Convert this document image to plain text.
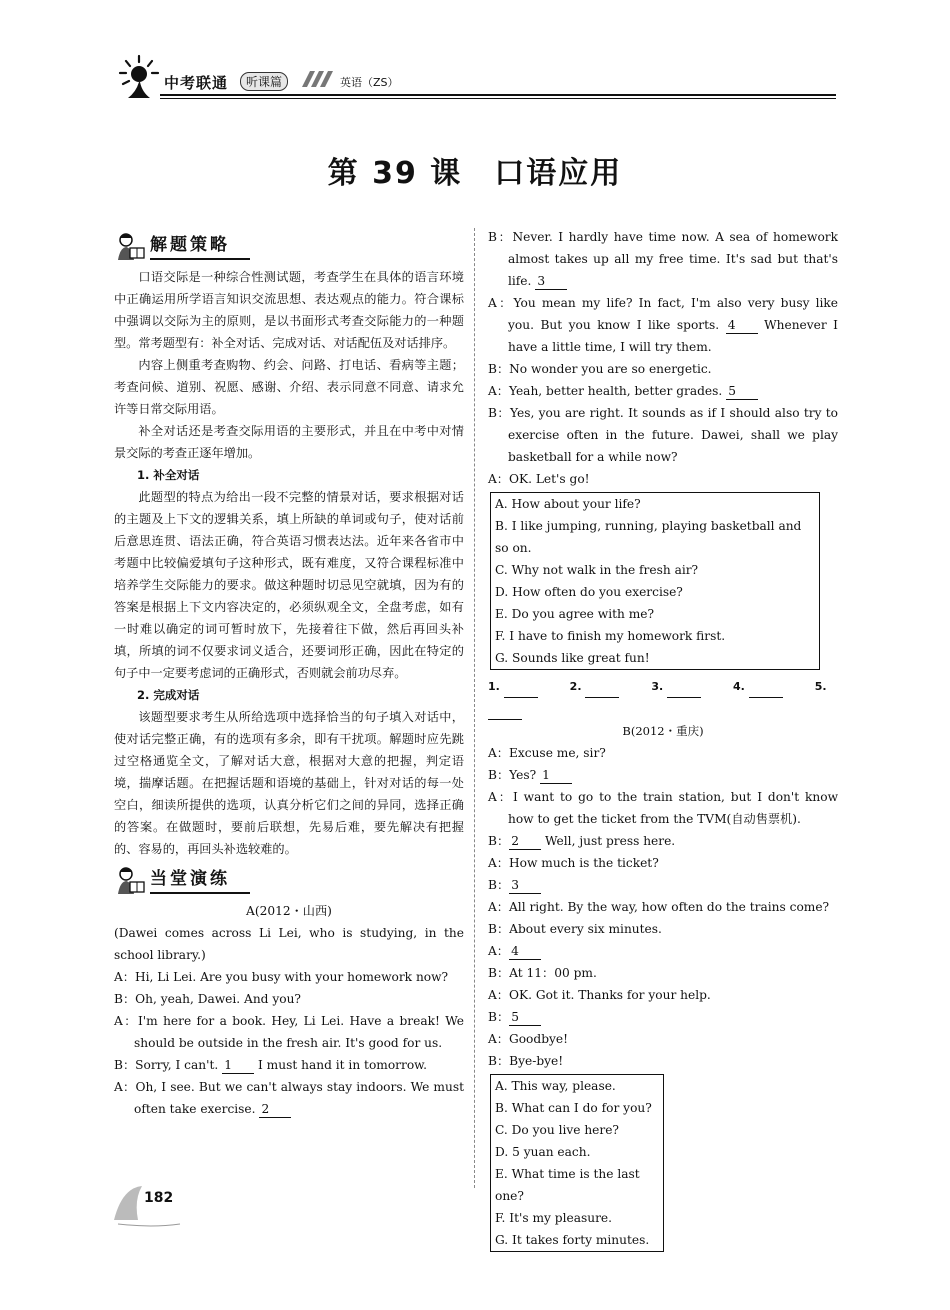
中考联通	听课篇	英语（ZS）
第 39 课　口语应用
解题策略

口语交际是一种综合性测试题，考查学生在具体的语言环境中正确运用所学语言知识交流思想、表达观点的能力。符合课标中强调以交际为主的原则，是以书面形式考查交际能力的一种题型。常考题型有：补全对话、完成对话、对话配伍及对话排序。

内容上侧重考查购物、约会、问路、打电话、看病等主题；考查问候、道别、祝愿、感谢、介绍、表示同意不同意、请求允许等日常交际用语。

补全对话还是考查交际用语的主要形式，并且在中考中对情景交际的考查正逐年增加。

1. 补全对话

此题型的特点为给出一段不完整的情景对话，要求根据对话的主题及上下文的逻辑关系，填上所缺的单词或句子，使对话前后意思连贯、语法正确，符合英语习惯表达法。近年来各省市中考题中比较偏爱填句子这种形式，既有难度，又符合课程标准中培养学生交际能力的要求。做这种题时切忌见空就填，因为有的答案是根据上下文内容决定的，必须纵观全文，全盘考虑，如有一时难以确定的词可暂时放下，先接着往下做，然后再回头补填，所填的词不仅要求词义适合，还要词形正确，因此在特定的句子中一定要考虑词的正确形式，否则就会前功尽弃。

2. 完成对话

该题型要求考生从所给选项中选择恰当的句子填入对话中，使对话完整正确，有的选项有多余，即有干扰项。解题时应先跳过空格通览全文，了解对话大意，根据对大意的把握，判定语境，揣摩话题。在把握话题和语境的基础上，针对对话的每一处空白，细读所提供的选项，认真分析它们之间的异同，选择正确的答案。在做题时，要前后联想，先易后难，要先解决有把握的、容易的，再回头补选较难的。

当堂演练

A(2012・山西)

(Dawei comes across Li Lei, who is studying, in the school library.)

A：Hi, Li Lei. Are you busy with your homework now?

B：Oh, yeah, Dawei. And you?

A：I'm here for a book. Hey, Li Lei. Have a break! We should be outside in the fresh air. It's good for us.

B：Sorry, I can't. 1 I must hand it in tomorrow.

A：Oh, I see. But we can't always stay indoors. We must often take exercise. 2

B：Never. I hardly have time now. A sea of homework almost takes up all my free time. It's sad but that's life. 3

A：You mean my life? In fact, I'm also very busy like you. But you know I like sports. 4 Whenever I have a little time, I will try them.

B：No wonder you are so energetic.

A：Yeah, better health, better grades. 5

B：Yes, you are right. It sounds as if I should also try to exercise often in the future. Dawei, shall we play basketball for a while now?

A：OK. Let's go!

A. How about your life?
B. I like jumping, running, playing basketball and so on.
C. Why not walk in the fresh air?
D. How often do you exercise?
E. Do you agree with me?
F. I have to finish my homework first.
G. Sounds like great fun!
1.	2.	3.	4.	5.

B(2012・重庆)

A：Excuse me, sir?

B：Yes? 1

A：I want to go to the train station, but I don't know how to get the ticket from the TVM(自动售票机).

B： 2 Well, just press here.

A：How much is the ticket?

B： 3

A：All right. By the way, how often do the trains come?

B：About every six minutes.

A： 4

B：At 11：00 pm.

A：OK. Got it. Thanks for your help.

B： 5

A：Goodbye!

B：Bye-bye!

A. This way, please.
B. What can I do for you?
C. Do you live here?
D. 5 yuan each.
E. What time is the last one?
F. It's my pleasure.
G. It takes forty minutes.
182
